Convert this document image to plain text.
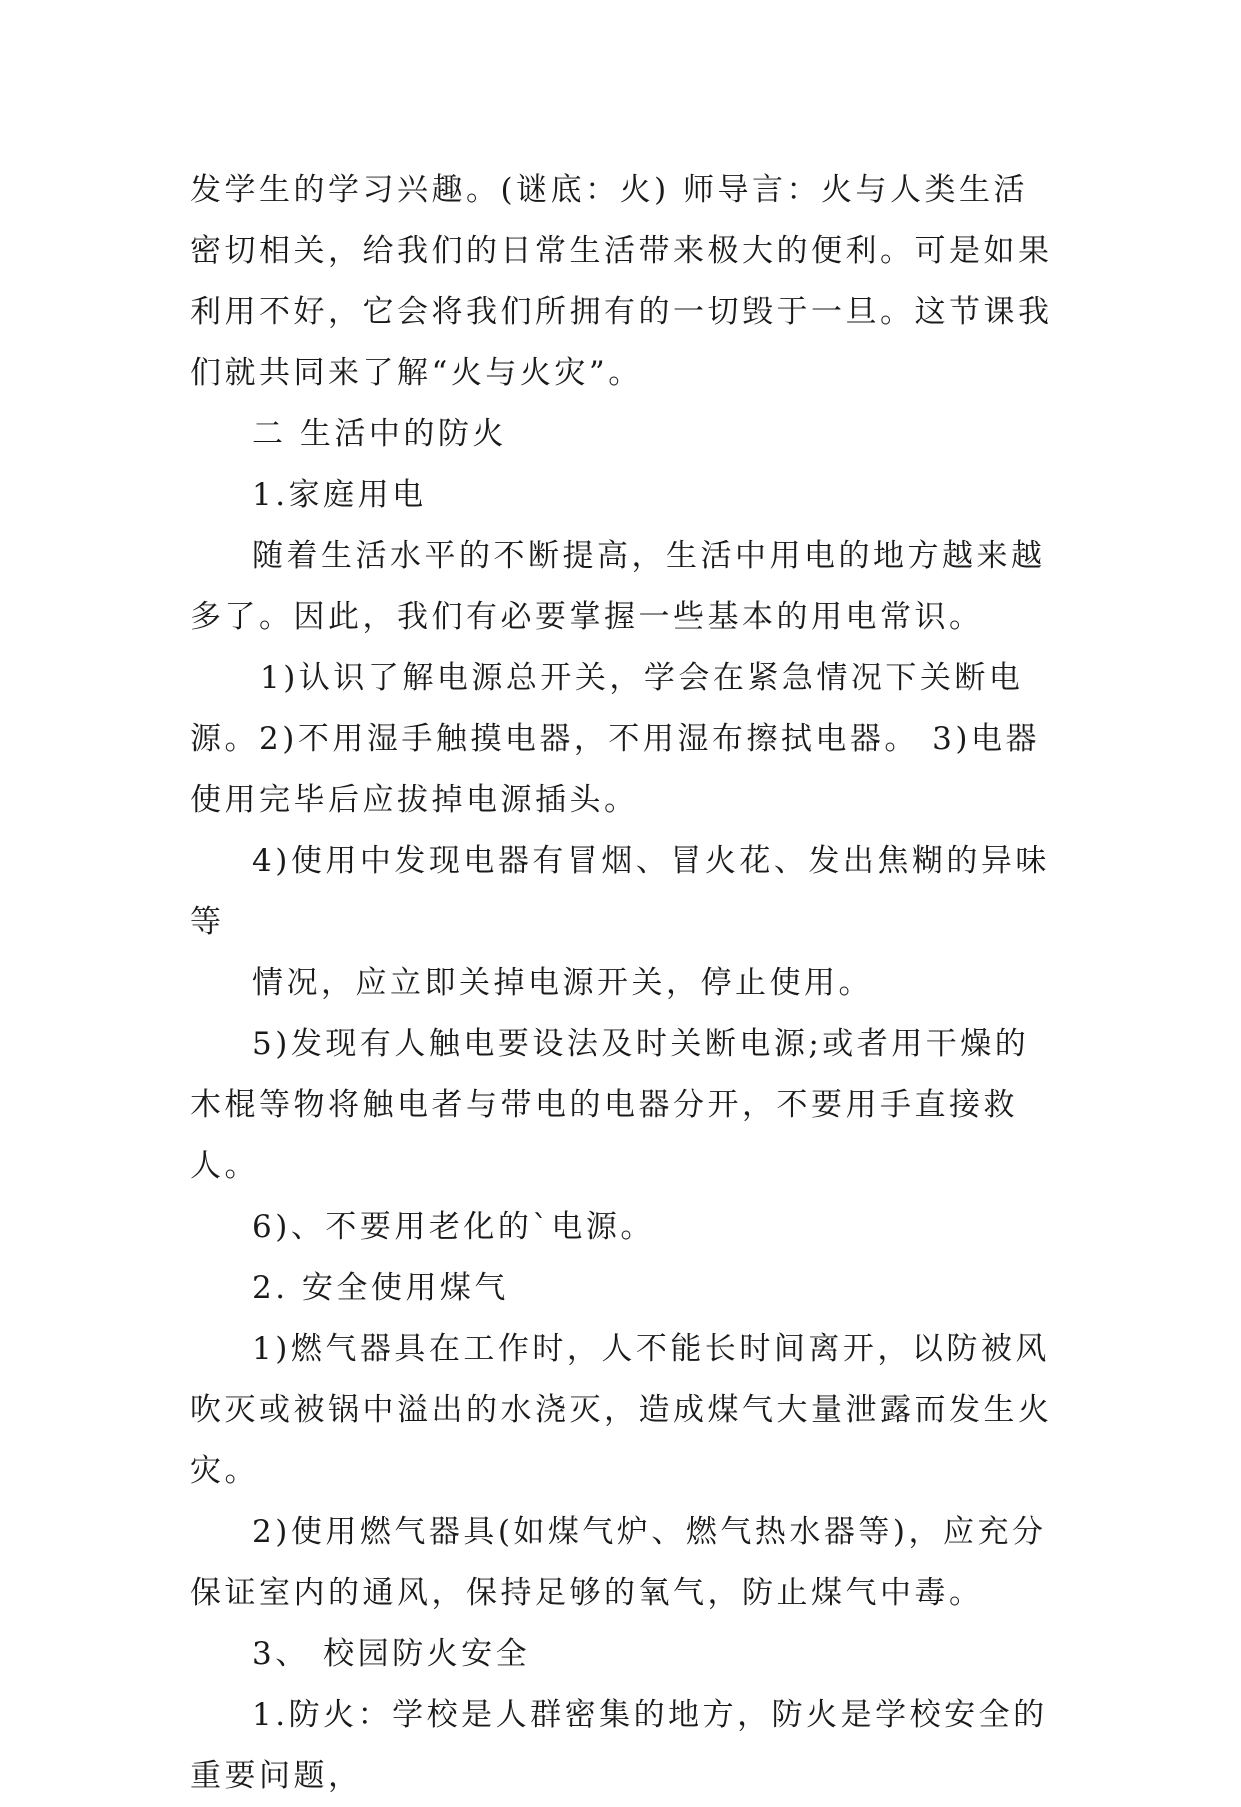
发学生的学习兴趣。(谜底：火) 师导言：火与人类生活密切相关，给我们的日常生活带来极大的便利。可是如果利用不好，它会将我们所拥有的一切毁于一旦。这节课我们就共同来了解“火与火灾”。

二 生活中的防火

1.家庭用电

随着生活水平的不断提高，生活中用电的地方越来越多了。因此，我们有必要掌握一些基本的用电常识。

1)认识了解电源总开关，学会在紧急情况下关断电源。2)不用湿手触摸电器，不用湿布擦拭电器。 3)电器使用完毕后应拔掉电源插头。

4)使用中发现电器有冒烟、冒火花、发出焦糊的异味等

情况，应立即关掉电源开关，停止使用。

5)发现有人触电要设法及时关断电源;或者用干燥的木棍等物将触电者与带电的电器分开，不要用手直接救人。

6)、不要用老化的`电源。

2. 安全使用煤气

1)燃气器具在工作时，人不能长时间离开，以防被风吹灭或被锅中溢出的水浇灭，造成煤气大量泄露而发生火灾。

2)使用燃气器具(如煤气炉、燃气热水器等)，应充分保证室内的通风，保持足够的氧气，防止煤气中毒。

3、 校园防火安全

1.防火：学校是人群密集的地方，防火是学校安全的重要问题，
